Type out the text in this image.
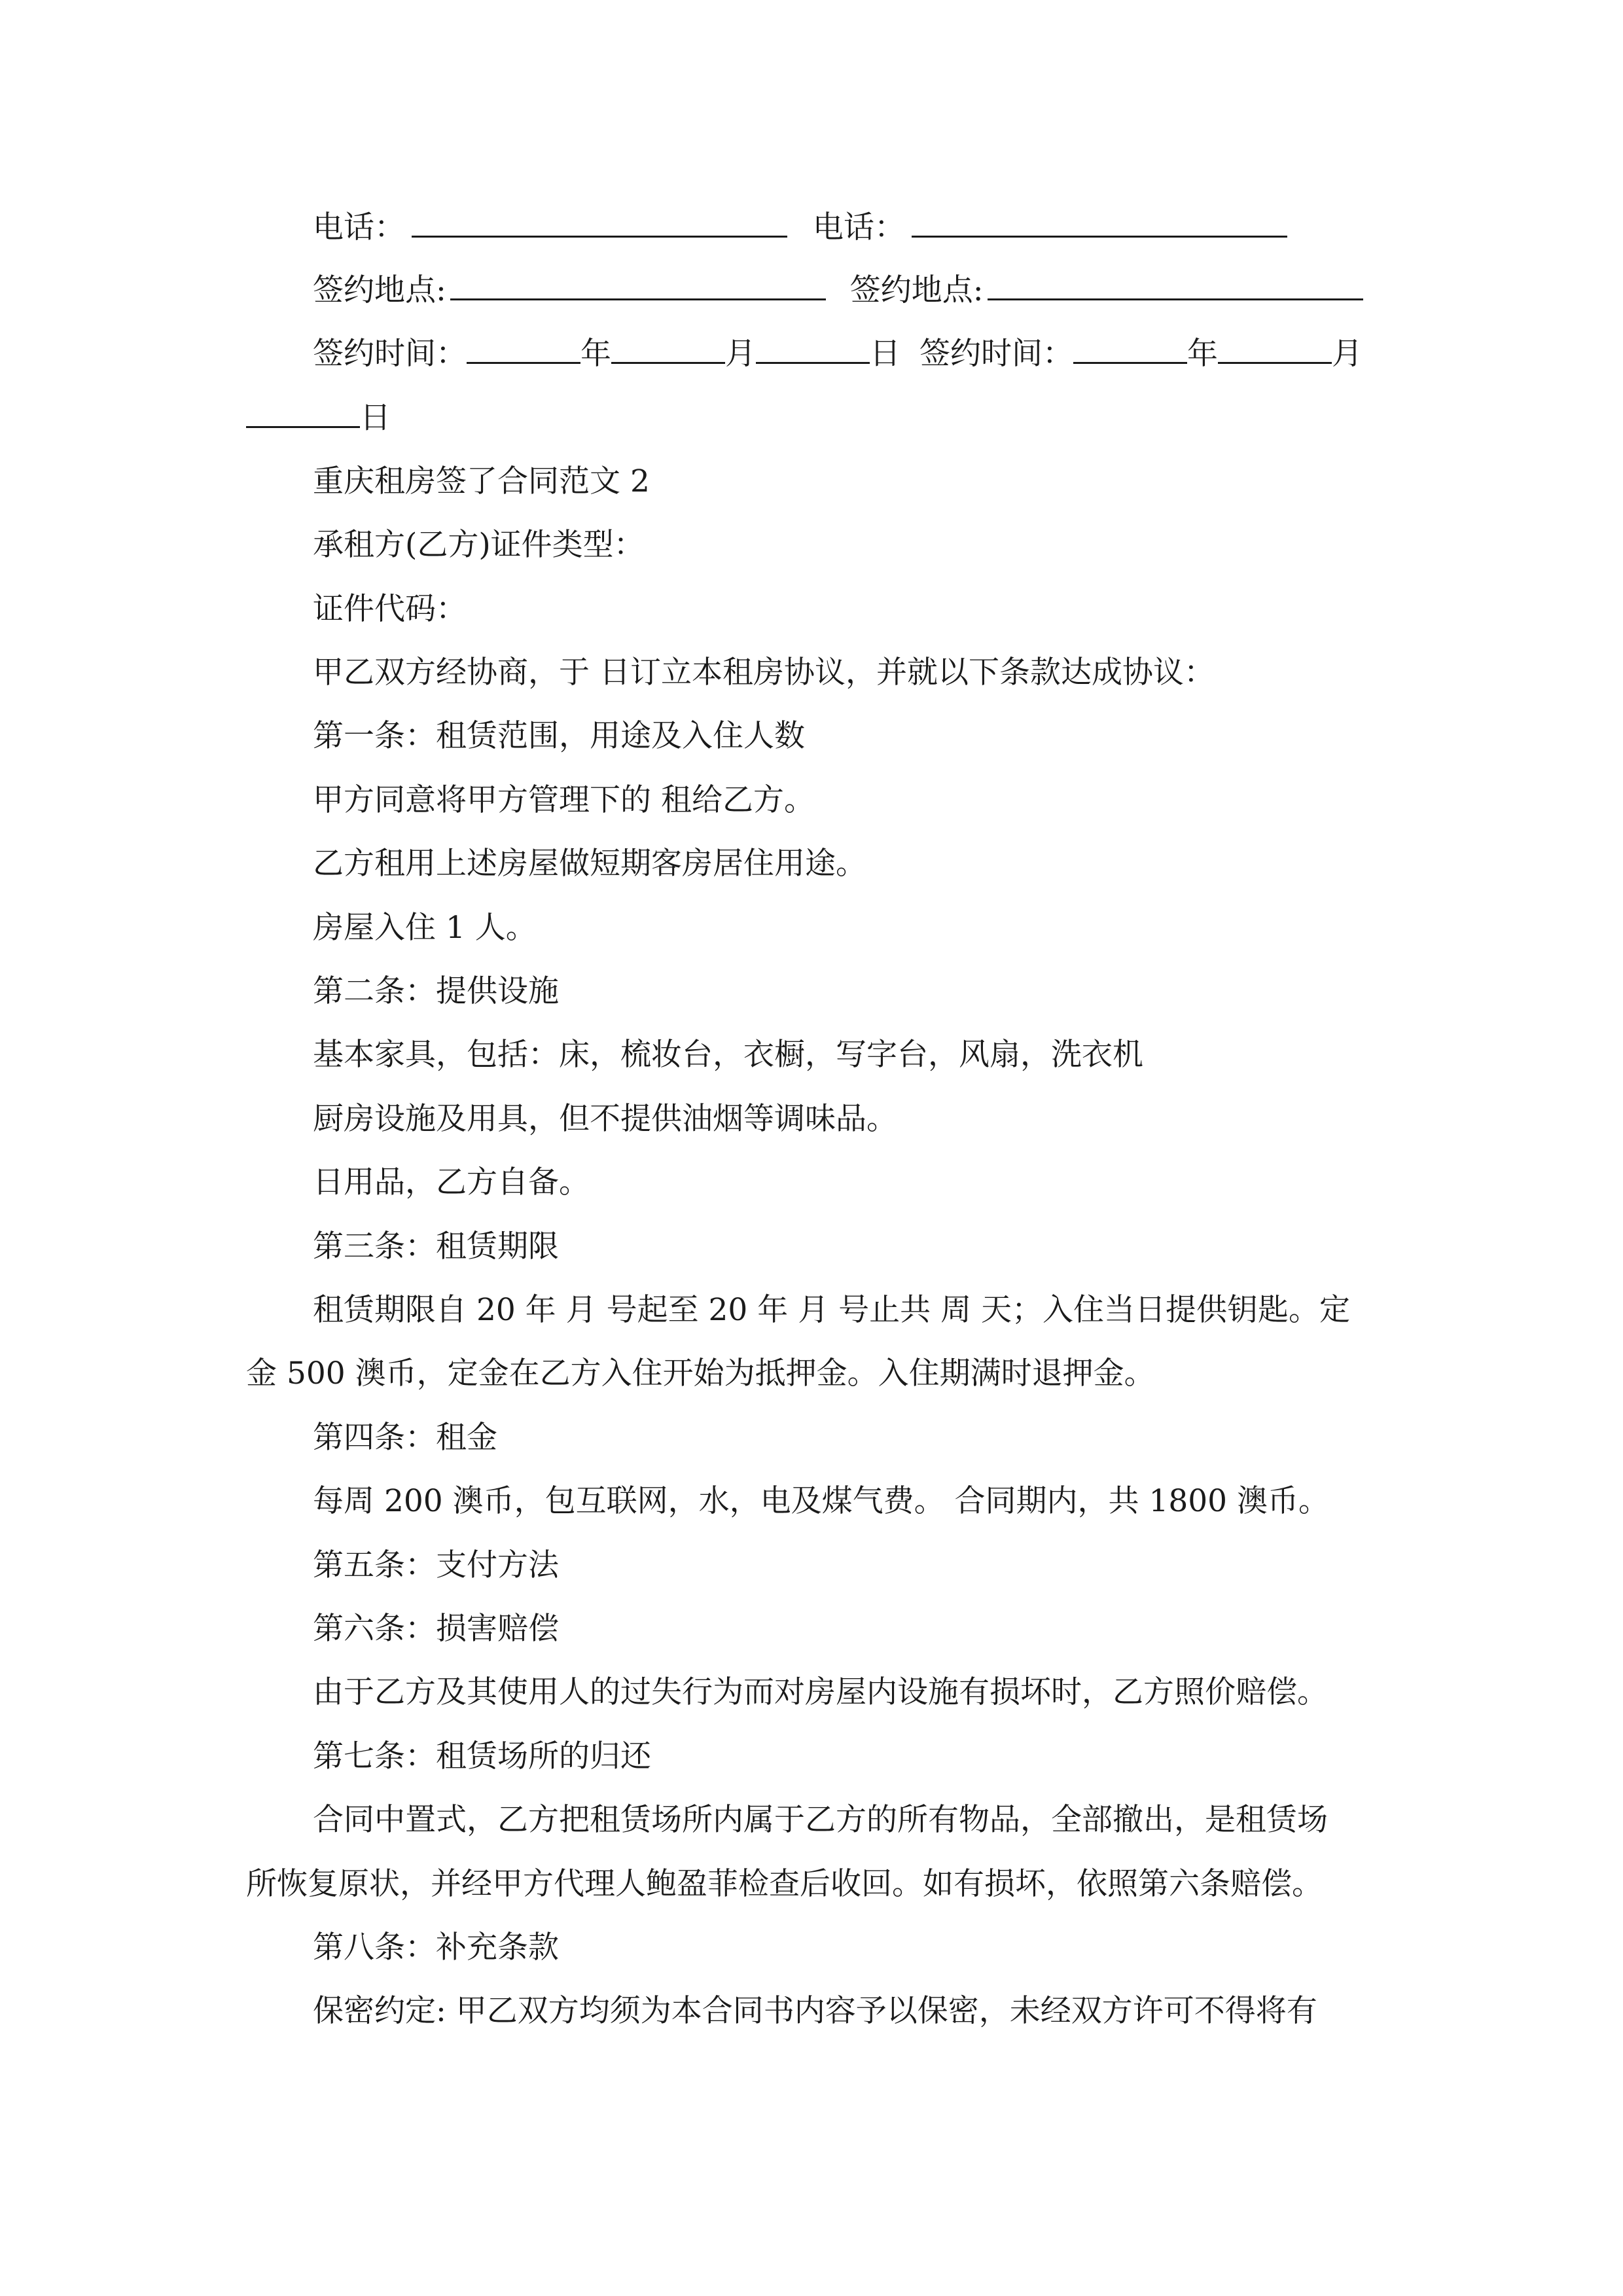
电话：	电话：
签约地点:	签约地点:
签约时间：	年	月	日 签约时间：	年	月
日
重庆租房签了合同范文 2
承租方(乙方)证件类型：
证件代码：
甲乙双方经协商，于 日订立本租房协议，并就以下条款达成协议：
第一条：租赁范围，用途及入住人数
甲方同意将甲方管理下的 租给乙方。
乙方租用上述房屋做短期客房居住用途。
房屋入住 1 人。
第二条：提供设施
基本家具，包括：床，梳妆台，衣橱，写字台，风扇，洗衣机
厨房设施及用具，但不提供油烟等调味品。
日用品，乙方自备。
第三条：租赁期限
租赁期限自 20 年 月 号起至 20 年 月 号止共 周 天；入住当日提供钥匙。定
金 500 澳币，定金在乙方入住开始为抵押金。入住期满时退押金。
第四条：租金
每周 200 澳币，包互联网，水，电及煤气费。 合同期内，共 1800 澳币。
第五条：支付方法
第六条：损害赔偿
由于乙方及其使用人的过失行为而对房屋内设施有损坏时，乙方照价赔偿。
第七条：租赁场所的归还
合同中置式，乙方把租赁场所内属于乙方的所有物品，全部撤出，是租赁场
所恢复原状，并经甲方代理人鲍盈菲检查后收回。如有损坏，依照第六条赔偿。
第八条：补充条款
保密约定: 甲乙双方均须为本合同书内容予以保密，未经双方许可不得将有
